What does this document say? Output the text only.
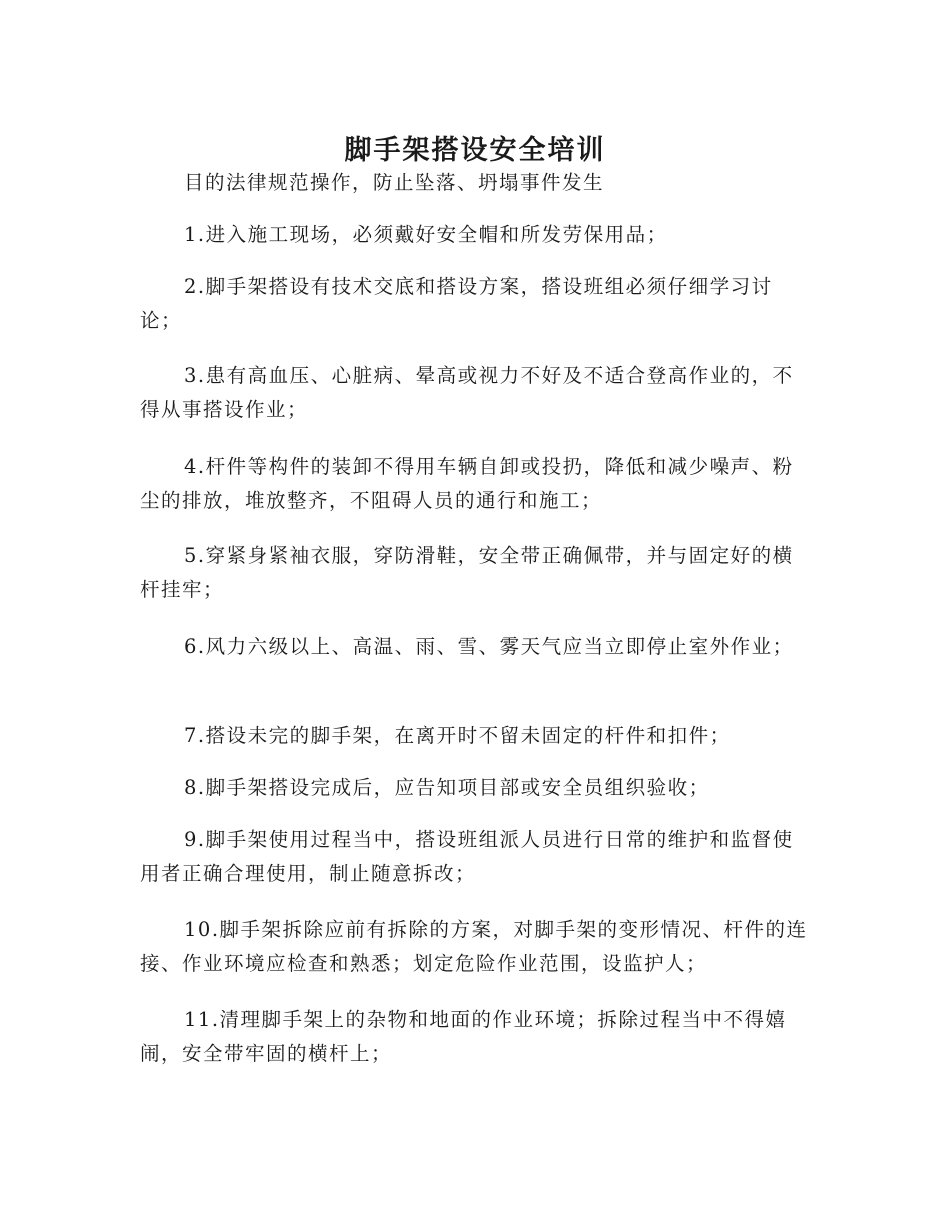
脚手架搭设安全培训

目的法律规范操作，防止坠落、坍塌事件发生

1.进入施工现场，必须戴好安全帽和所发劳保用品；

2.脚手架搭设有技术交底和搭设方案，搭设班组必须仔细学习讨论；

3.患有高血压、心脏病、晕高或视力不好及不适合登高作业的，不得从事搭设作业；

4.杆件等构件的装卸不得用车辆自卸或投扔，降低和减少噪声、粉尘的排放，堆放整齐，不阻碍人员的通行和施工；

5.穿紧身紧袖衣服，穿防滑鞋，安全带正确佩带，并与固定好的横杆挂牢；

6.风力六级以上、高温、雨、雪、雾天气应当立即停止室外作业；

7.搭设未完的脚手架，在离开时不留未固定的杆件和扣件；

8.脚手架搭设完成后，应告知项目部或安全员组织验收；

9.脚手架使用过程当中，搭设班组派人员进行日常的维护和监督使用者正确合理使用，制止随意拆改；

10.脚手架拆除应前有拆除的方案，对脚手架的变形情况、杆件的连接、作业环境应检查和熟悉；划定危险作业范围，设监护人；

11.清理脚手架上的杂物和地面的作业环境；拆除过程当中不得嬉闹，安全带牢固的横杆上；
